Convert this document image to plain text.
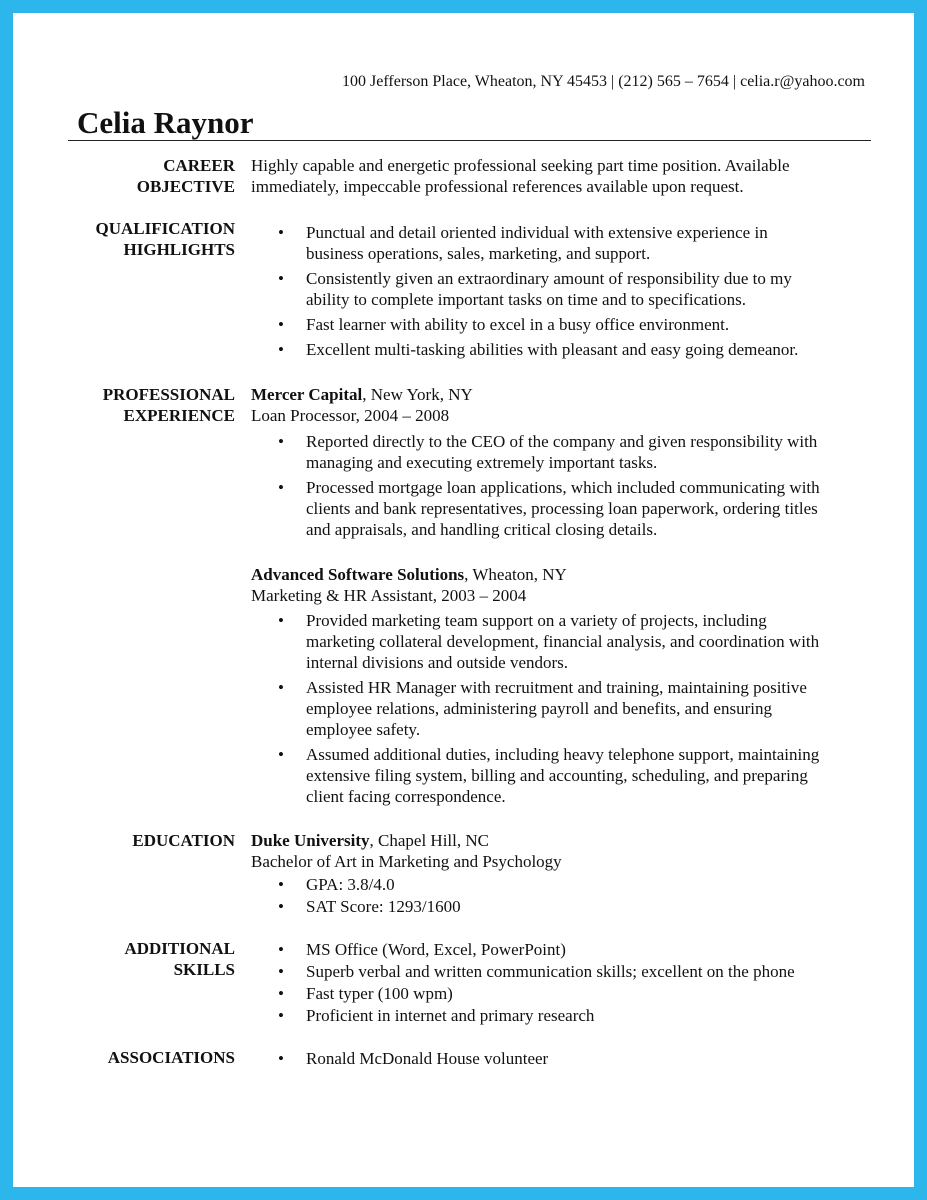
100 Jefferson Place, Wheaton, NY 45453 | (212) 565 – 7654 | celia.r@yahoo.com
Celia Raynor
CAREER
OBJECTIVE
Highly capable and energetic professional seeking part time position. Available
immediately, impeccable professional references available upon request.
QUALIFICATION
HIGHLIGHTS
• Punctual and detail oriented individual with extensive experience in
business operations, sales, marketing, and support.
• Consistently given an extraordinary amount of responsibility due to my
ability to complete important tasks on time and to specifications.
• Fast learner with ability to excel in a busy office environment.
• Excellent multi-tasking abilities with pleasant and easy going demeanor.
PROFESSIONAL
EXPERIENCE
Mercer Capital, New York, NY
Loan Processor, 2004 – 2008
• Reported directly to the CEO of the company and given responsibility with
managing and executing extremely important tasks.
• Processed mortgage loan applications, which included communicating with
clients and bank representatives, processing loan paperwork, ordering titles
and appraisals, and handling critical closing details.
Advanced Software Solutions, Wheaton, NY
Marketing & HR Assistant, 2003 – 2004
• Provided marketing team support on a variety of projects, including
marketing collateral development, financial analysis, and coordination with
internal divisions and outside vendors.
• Assisted HR Manager with recruitment and training, maintaining positive
employee relations, administering payroll and benefits, and ensuring
employee safety.
• Assumed additional duties, including heavy telephone support, maintaining
extensive filing system, billing and accounting, scheduling, and preparing
client facing correspondence.
EDUCATION Duke University, Chapel Hill, NC
Bachelor of Art in Marketing and Psychology
• GPA: 3.8/4.0
• SAT Score: 1293/1600
ADDITIONAL
SKILLS
• MS Office (Word, Excel, PowerPoint)
• Superb verbal and written communication skills; excellent on the phone
• Fast typer (100 wpm)
• Proficient in internet and primary research
ASSOCIATIONS	• Ronald McDonald House volunteer
